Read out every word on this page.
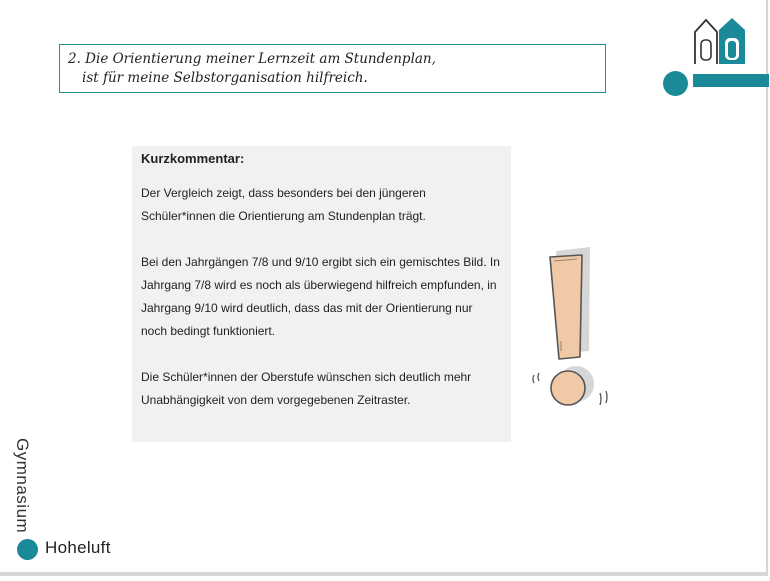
2. Die Orientierung meiner Lernzeit am Stundenplan,
ist für meine Selbstorganisation hilfreich.
Kurzkommentar:

Der Vergleich zeigt, dass besonders bei den jüngeren Schüler*innen die Orientierung am Stundenplan trägt.

Bei den Jahrgängen 7/8 und 9/10 ergibt sich ein gemischtes Bild. In Jahrgang 7/8 wird es noch als überwiegend hilfreich empfunden, in Jahrgang 9/10 wird deutlich, dass das mit der Orientierung nur noch bedingt funktioniert.

Die Schüler*innen der Oberstufe wünschen sich deutlich mehr Unabhängigkeit von dem vorgegebenen Zeitraster.

Gymnasium
Hoheluft
